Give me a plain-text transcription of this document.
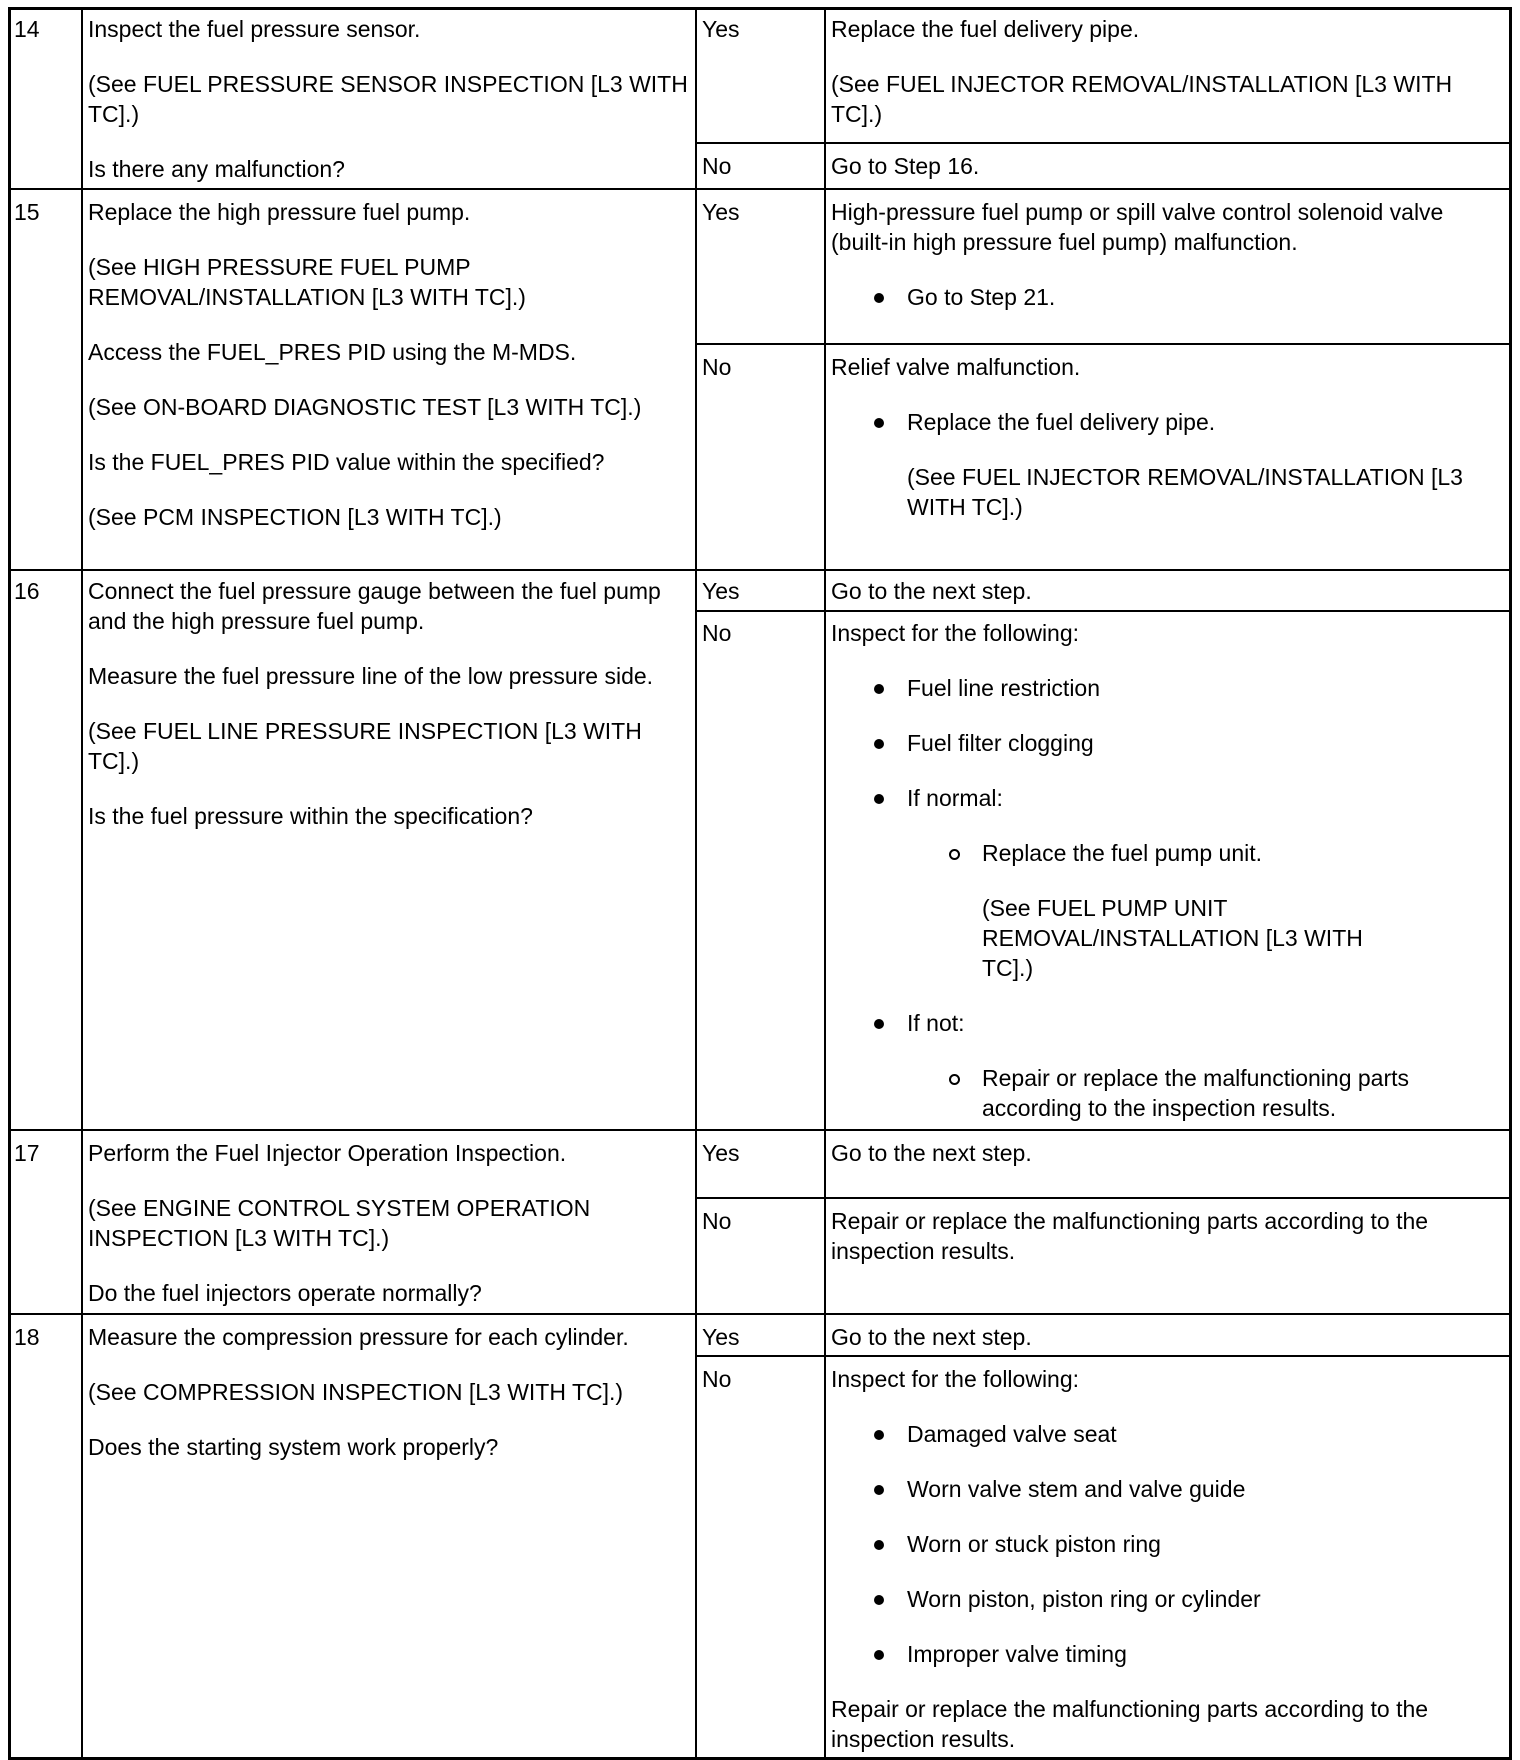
14 Inspect the fuel pressure sensor.

(See FUEL PRESSURE SENSOR INSPECTION [L3 WITH TC].)

Is there any malfunction?

Yes	Replace the fuel delivery pipe.

(See FUEL INJECTOR REMOVAL/INSTALLATION [L3 WITH TC].)

No	Go to Step 16.

15 Replace the high pressure fuel pump.

(See HIGH PRESSURE FUEL PUMP REMOVAL/INSTALLATION [L3 WITH TC].)

Access the FUEL_PRES PID using the M-MDS.

(See ON-BOARD DIAGNOSTIC TEST [L3 WITH TC].)

Is the FUEL_PRES PID value within the specified?

(See PCM INSPECTION [L3 WITH TC].)

Yes	High-pressure fuel pump or spill valve control solenoid valve (built-in high pressure fuel pump) malfunction.

Go to Step 21.
No	Relief valve malfunction.

Replace the fuel delivery pipe.

(See FUEL INJECTOR REMOVAL/INSTALLATION [L3 WITH TC].)

16 Connect the fuel pressure gauge between the fuel pump and the high pressure fuel pump.

Measure the fuel pressure line of the low pressure side.

(See FUEL LINE PRESSURE INSPECTION [L3 WITH TC].)

Is the fuel pressure within the specification?

Yes	Go to the next step.

No	Inspect for the following:

Fuel line restriction
Fuel filter clogging
If normal:
Replace the fuel pump unit.

(See FUEL PUMP UNIT REMOVAL/INSTALLATION [L3 WITH TC].)

If not:
Repair or replace the malfunctioning parts according to the inspection results.
17 Perform the Fuel Injector Operation Inspection.

(See ENGINE CONTROL SYSTEM OPERATION INSPECTION [L3 WITH TC].)

Do the fuel injectors operate normally?

Yes	Go to the next step.

No	Repair or replace the malfunctioning parts according to the inspection results.

18 Measure the compression pressure for each cylinder.

(See COMPRESSION INSPECTION [L3 WITH TC].)

Does the starting system work properly?

Yes	Go to the next step.

No	Inspect for the following:

Damaged valve seat
Worn valve stem and valve guide
Worn or stuck piston ring
Worn piston, piston ring or cylinder
Improper valve timing

Repair or replace the malfunctioning parts according to the inspection results.
